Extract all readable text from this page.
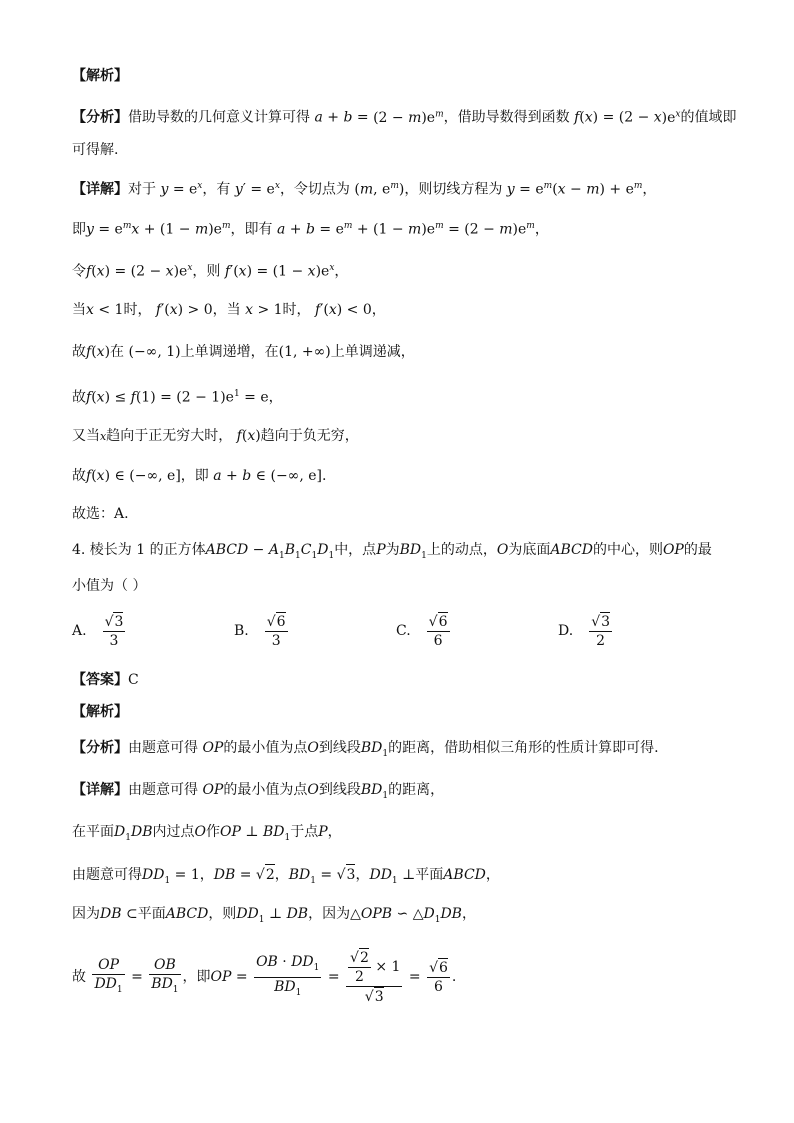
【解析】
【分析】借助导数的几何意义计算可得 $a + b = (2 - m)e^m$，借助导数得到函数 $f(x) = (2 - x)e^x$的值域即
可得解.
【详解】对于 $y = e^x$，有 $y' = e^x$，令切点为 (m, $e^m$)，则切线方程为 $y = e^m(x - m) + e^m$，
即$y = e^mx + (1 - m)e^m$，即有 $a + b = e^m + (1 - m)e^m = (2 - m)e^m$，
令$f(x) = (2 - x)e^x$，则 $f'(x) = (1 - x)e^x$，
当x < 1时， f′(x) > 0，当 x > 1时， f′(x) < 0，
故f(x)在 (−∞, 1)上单调递增，在(1, +∞)上单调递减，
故$f(x) \le f(1) = (2 - 1)e^1 = e$，
又当x趋向于正无穷大时， f(x)趋向于负无穷，
故f(x) ∈ (−∞, e]，即 a + b ∈ (−∞, e].
故选：A.
4. 棱长为 1 的正方体ABCD − $A_1B_1C_1D_1$中，点P为$BD_1$上的动点，O为底面ABCD的中心，则OP的最
小值为（ ）
A. $\frac{√3}{3}$	B. $\frac{√6}{3}$	C. $\frac{√6}{6}$	D. $\frac{√3}{2}$
【答案】C
【解析】
【分析】由题意可得 OP的最小值为点O到线段$BD_1$的距离，借助相似三角形的性质计算即可得.
【详解】由题意可得 OP的最小值为点O到线段$BD_1$的距离，
在平面$D_1DB$内过点O作OP ⊥ $BD_1$于点P，
由题意可得$DD_1 = 1$，DB = √2，$BD_1 = √3$，$DD_1$ ⊥平面ABCD，
因为DB ⊂平面ABCD，则$DD_1$ ⊥ DB，因为△OPB ∽ $\triangle D_1DB$，
故 $\frac{OP}{DD_1} = \frac{OB}{BD_1}$ ，即OP = $\frac{OB \cdot DD_1}{BD_1} = \frac{\frac{√2}{2} \times 1}{√3} = \frac{√6}{6}$ .
